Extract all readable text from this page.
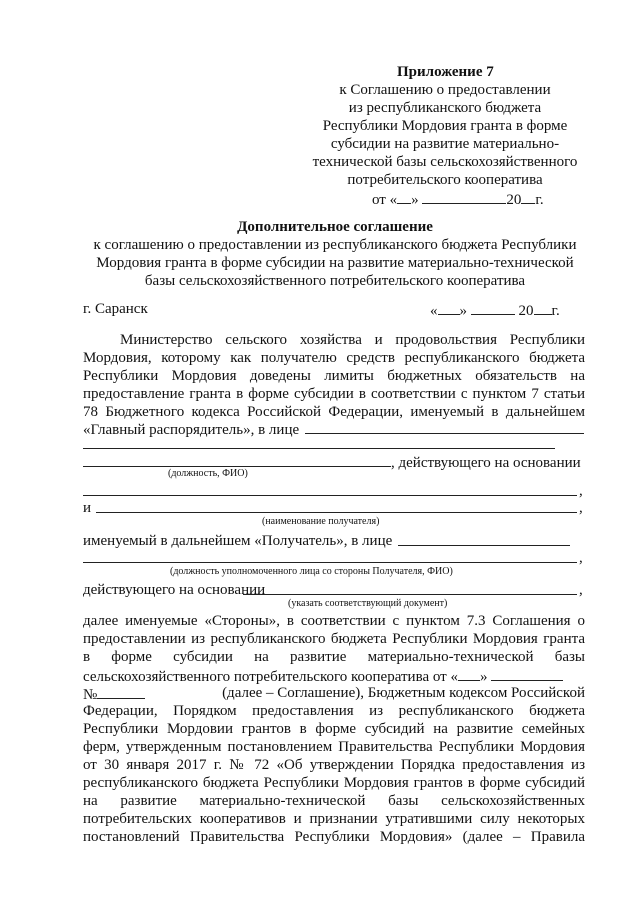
Приложение 7
к Соглашению о предоставлении
из республиканского бюджета
Республики Мордовия гранта в форме
субсидии на развитие материально-
технической базы сельскохозяйственного
потребительского кооператива
от « »	20 г.
Дополнительное соглашение
к соглашению о предоставлении из республиканского бюджета Республики
Мордовия гранта в форме субсидии на развитие материально-технической
базы сельскохозяйственного потребительского кооператива
г. Саранск	« »	20 г.
Министерство сельского хозяйства и продовольствия Республики
Мордовия, которому как получателю средств республиканского бюджета
Республики Мордовия доведены лимиты бюджетных обязательств на
предоставление гранта в форме субсидии в соответствии с пунктом 7 статьи
78 Бюджетного кодекса Российской Федерации, именуемый в дальнейшем
«Главный распорядитель», в лице
, действующего на основании
(должность, ФИО)
,
и	,
(наименование получателя)
именуемый в дальнейшем «Получатель», в лице
,
(должность уполномоченного лица со стороны Получателя, ФИО)
действующего на основании	,
(указать соответствующий документ)
далее именуемые «Стороны», в соответствии с пунктом 7.3 Соглашения о
предоставлении из республиканского бюджета Республики Мордовия гранта
в форме субсидии на развитие материально-технической базы
сельскохозяйственного потребительского кооператива от « »
№	(далее – Соглашение), Бюджетным кодексом Российской
Федерации, Порядком предоставления из республиканского бюджета
Республики Мордовии грантов в форме субсидий на развитие семейных
ферм, утвержденным постановлением Правительства Республики Мордовия
от 30 января 2017 г. № 72 «Об утверждении Порядка предоставления из
республиканского бюджета Республики Мордовия грантов в форме субсидий
на развитие материально-технической базы сельскохозяйственных
потребительских кооперативов и признании утратившими силу некоторых
постановлений Правительства Республики Мордовия» (далее – Правила
